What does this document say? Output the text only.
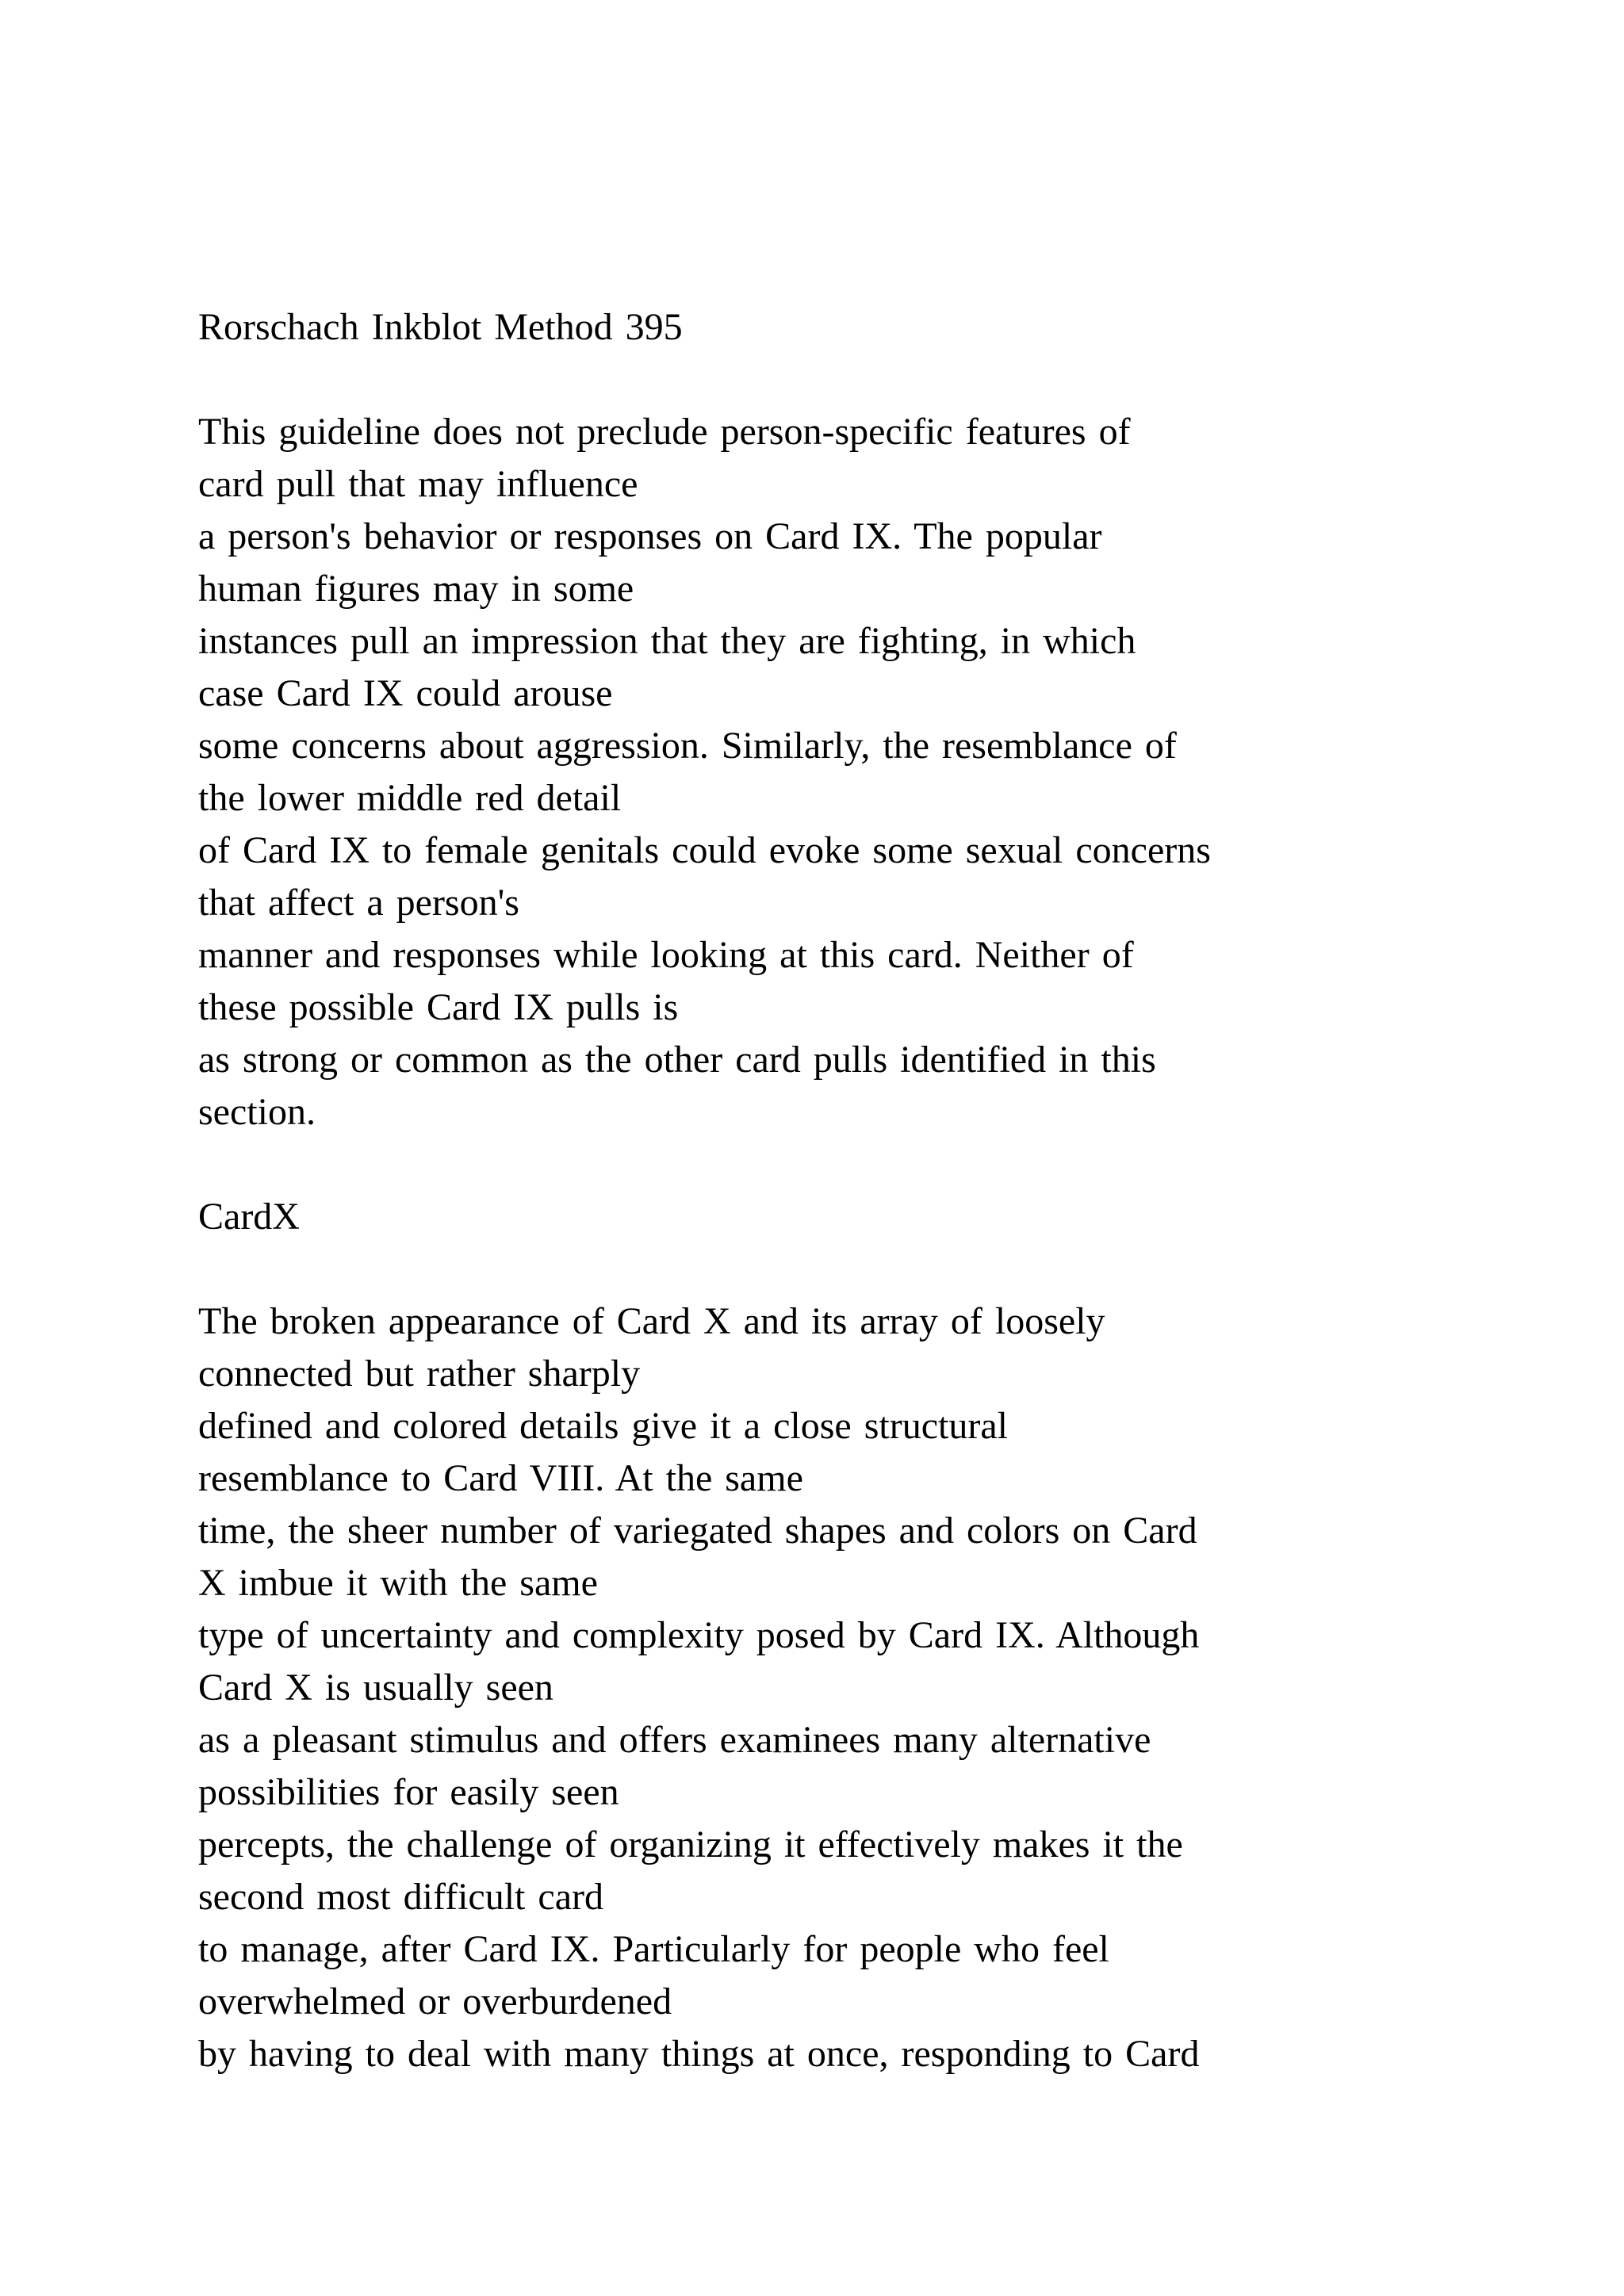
Rorschach Inkblot Method 395
This guideline does not preclude person-specific features of
card pull that may influence
a person's behavior or responses on Card IX. The popular
human figures may in some
instances pull an impression that they are fighting, in which
case Card IX could arouse
some concerns about aggression. Similarly, the resemblance of
the lower middle red detail
of Card IX to female genitals could evoke some sexual concerns
that affect a person's
manner and responses while looking at this card. Neither of
these possible Card IX pulls is
as strong or common as the other card pulls identified in this
section.
CardX
The broken appearance of Card X and its array of loosely
connected but rather sharply
defined and colored details give it a close structural
resemblance to Card VIII. At the same
time, the sheer number of variegated shapes and colors on Card
X imbue it with the same
type of uncertainty and complexity posed by Card IX. Although
Card X is usually seen
as a pleasant stimulus and offers examinees many alternative
possibilities for easily seen
percepts, the challenge of organizing it effectively makes it the
second most difficult card
to manage, after Card IX. Particularly for people who feel
overwhelmed or overburdened
by having to deal with many things at once, responding to Card
